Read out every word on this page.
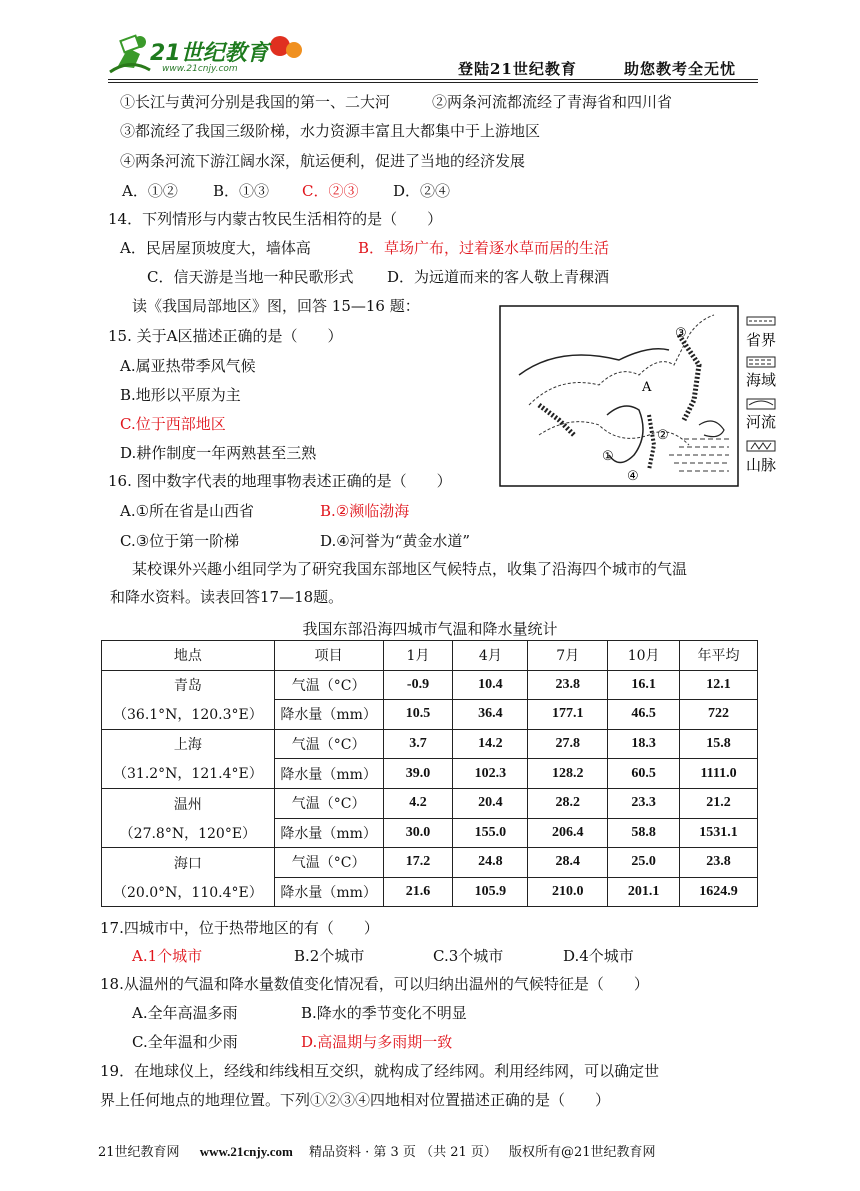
21世纪教育
www.21cnjy.com	登陆21世纪教育	助您教考全无忧
①长江与黄河分别是我国的第一、二大河	②两条河流都流经了青海省和四川省
③都流经了我国三级阶梯，水力资源丰富且大都集中于上游地区
④两条河流下游江阔水深，航运便利，促进了当地的经济发展
A．①② B．①③ C．②③ D．②④
14．下列情形与内蒙古牧民生活相符的是（　　）
A．民居屋顶坡度大，墙体高	B．草场广布，过着逐水草而居的生活
C．信天游是当地一种民歌形式 D．为远道而来的客人敬上青稞酒
读《我国局部地区》图，回答 15—16 题：
15. 关于A区描述正确的是（　　）
A.属亚热带季风气候
B.地形以平原为主
C.位于西部地区
D.耕作制度一年两熟甚至三熟
16. 图中数字代表的地理事物表述正确的是（　　）
A.①所在省是山西省	B.②濒临渤海
C.③位于第一阶梯	D.④河誉为“黄金水道”
A
③
①
②
④
省界
海域
河流
山脉
某校课外兴趣小组同学为了研究我国东部地区气候特点，收集了沿海四个城市的气温
和降水资料。读表回答17—18题。
我国东部沿海四城市气温和降水量统计
地点	项目	1月	4月	7月	10月	年平均
青岛	气温（°C）	-0.9	10.4	23.8	16.1	12.1
（36.1°N，120.3°E）	降水量（mm）	10.5	36.4	177.1	46.5	722
上海	气温（°C）	3.7	14.2	27.8	18.3	15.8
（31.2°N，121.4°E）	降水量（mm）	39.0	102.3	128.2	60.5	1111.0
温州	气温（°C）	4.2	20.4	28.2	23.3	21.2
（27.8°N，120°E）	降水量（mm）	30.0	155.0	206.4	58.8	1531.1
海口	气温（°C）	17.2	24.8	28.4	25.0	23.8
（20.0°N，110.4°E）	降水量（mm）	21.6	105.9	210.0	201.1	1624.9
17.四城市中，位于热带地区的有（　　）
A.1个城市	B.2个城市	C.3个城市	D.4个城市
18.从温州的气温和降水量数值变化情况看，可以归纳出温州的气候特征是（　　）
A.全年高温多雨	B.降水的季节变化不明显
C.全年温和少雨	D.高温期与多雨期一致
19．在地球仪上，经线和纬线相互交织，就构成了经纬网。利用经纬网，可以确定世
界上任何地点的地理位置。下列①②③④四地相对位置描述正确的是（　　）
21世纪教育网 www.21cnjy.com 精品资料 · 第 3 页 （共 21 页） 版权所有@21世纪教育网
